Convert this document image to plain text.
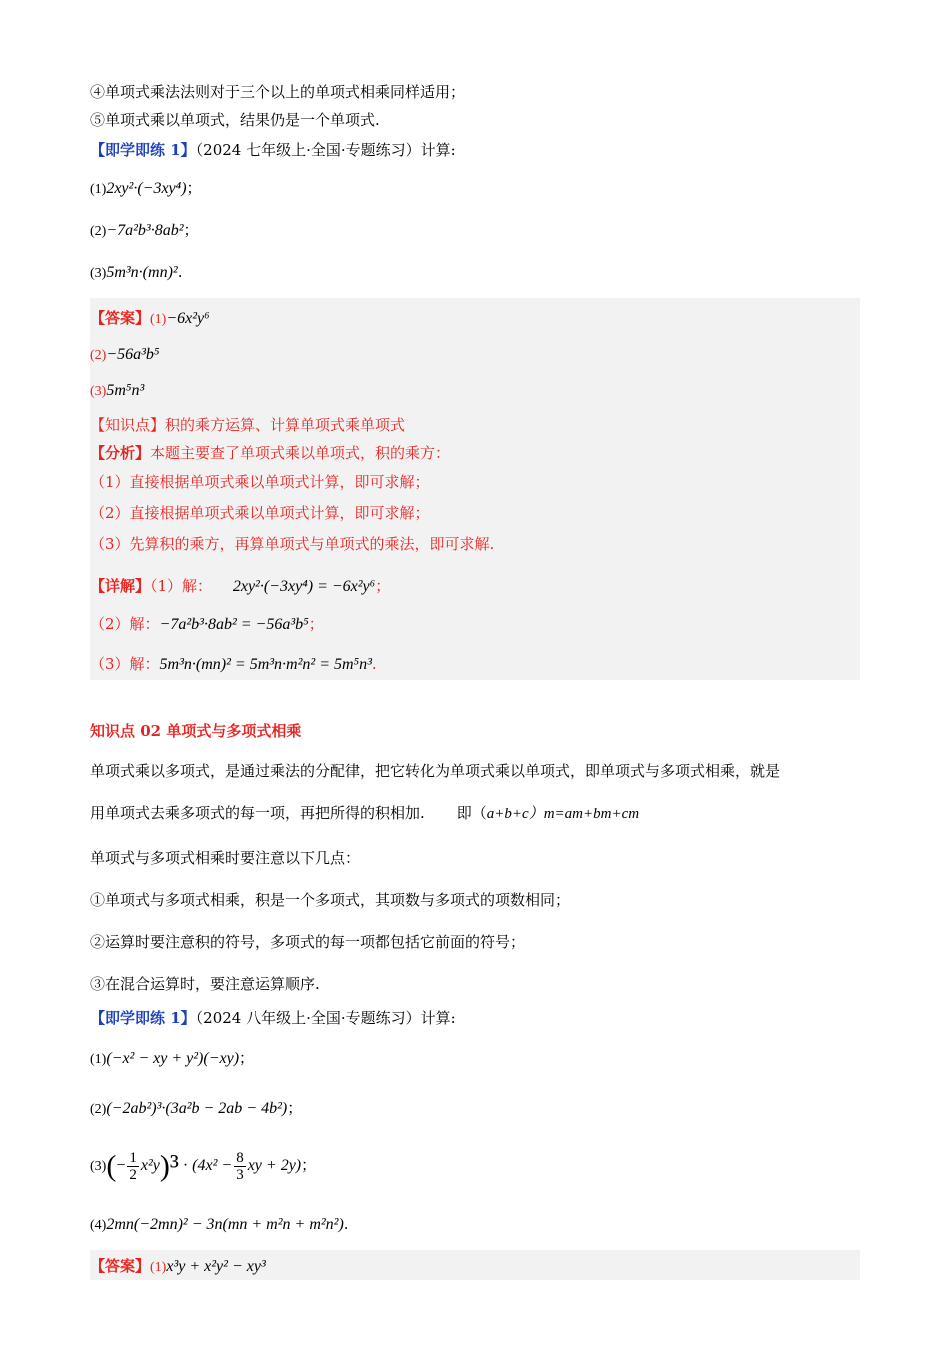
④单项式乘法法则对于三个以上的单项式相乘同样适用；
⑤单项式乘以单项式，结果仍是一个单项式.
【即学即练 1】（2024 七年级上·全国·专题练习）计算:
(1)2xy²·(−3xy⁴)；
(2)−7a²b³·8ab²；
(3)5m³n·(mn)².
【答案】(1)−6x²y⁶
(2)−56a³b⁵
(3)5m⁵n³
【知识点】积的乘方运算、计算单项式乘单项式
【分析】本题主要查了单项式乘以单项式，积的乘方：
（1）直接根据单项式乘以单项式计算，即可求解；
（2）直接根据单项式乘以单项式计算，即可求解；
（3）先算积的乘方，再算单项式与单项式的乘法，即可求解.
【详解】（1）解： 2xy²·(−3xy⁴) = −6x²y⁶；
（2）解：−7a²b³·8ab² = −56a³b⁵；
（3）解：5m³n·(mn)² = 5m³n·m²n² = 5m⁵n³.
知识点 02 单项式与多项式相乘
单项式乘以多项式，是通过乘法的分配律，把它转化为单项式乘以单项式，即单项式与多项式相乘，就是
用单项式去乘多项式的每一项，再把所得的积相加. 即（a+b+c）m=am+bm+cm
单项式与多项式相乘时要注意以下几点：
①单项式与多项式相乘，积是一个多项式，其项数与多项式的项数相同；
②运算时要注意积的符号，多项式的每一项都包括它前面的符号；
③在混合运算时，要注意运算顺序.
【即学即练 1】（2024 八年级上·全国·专题练习）计算:
(1)(−x² − xy + y²)(−xy)；
(2)(−2ab²)³·(3a²b − 2ab − 4b²)；
$(3)(- \frac{1}{2} x^2y)^3 \cdot (4x^2 - \frac{8}{3}$ xy + 2y)；
(4)2mn(−2mn)² − 3n(mn + m²n + m²n²).
【答案】(1)x³y + x²y² − xy³
